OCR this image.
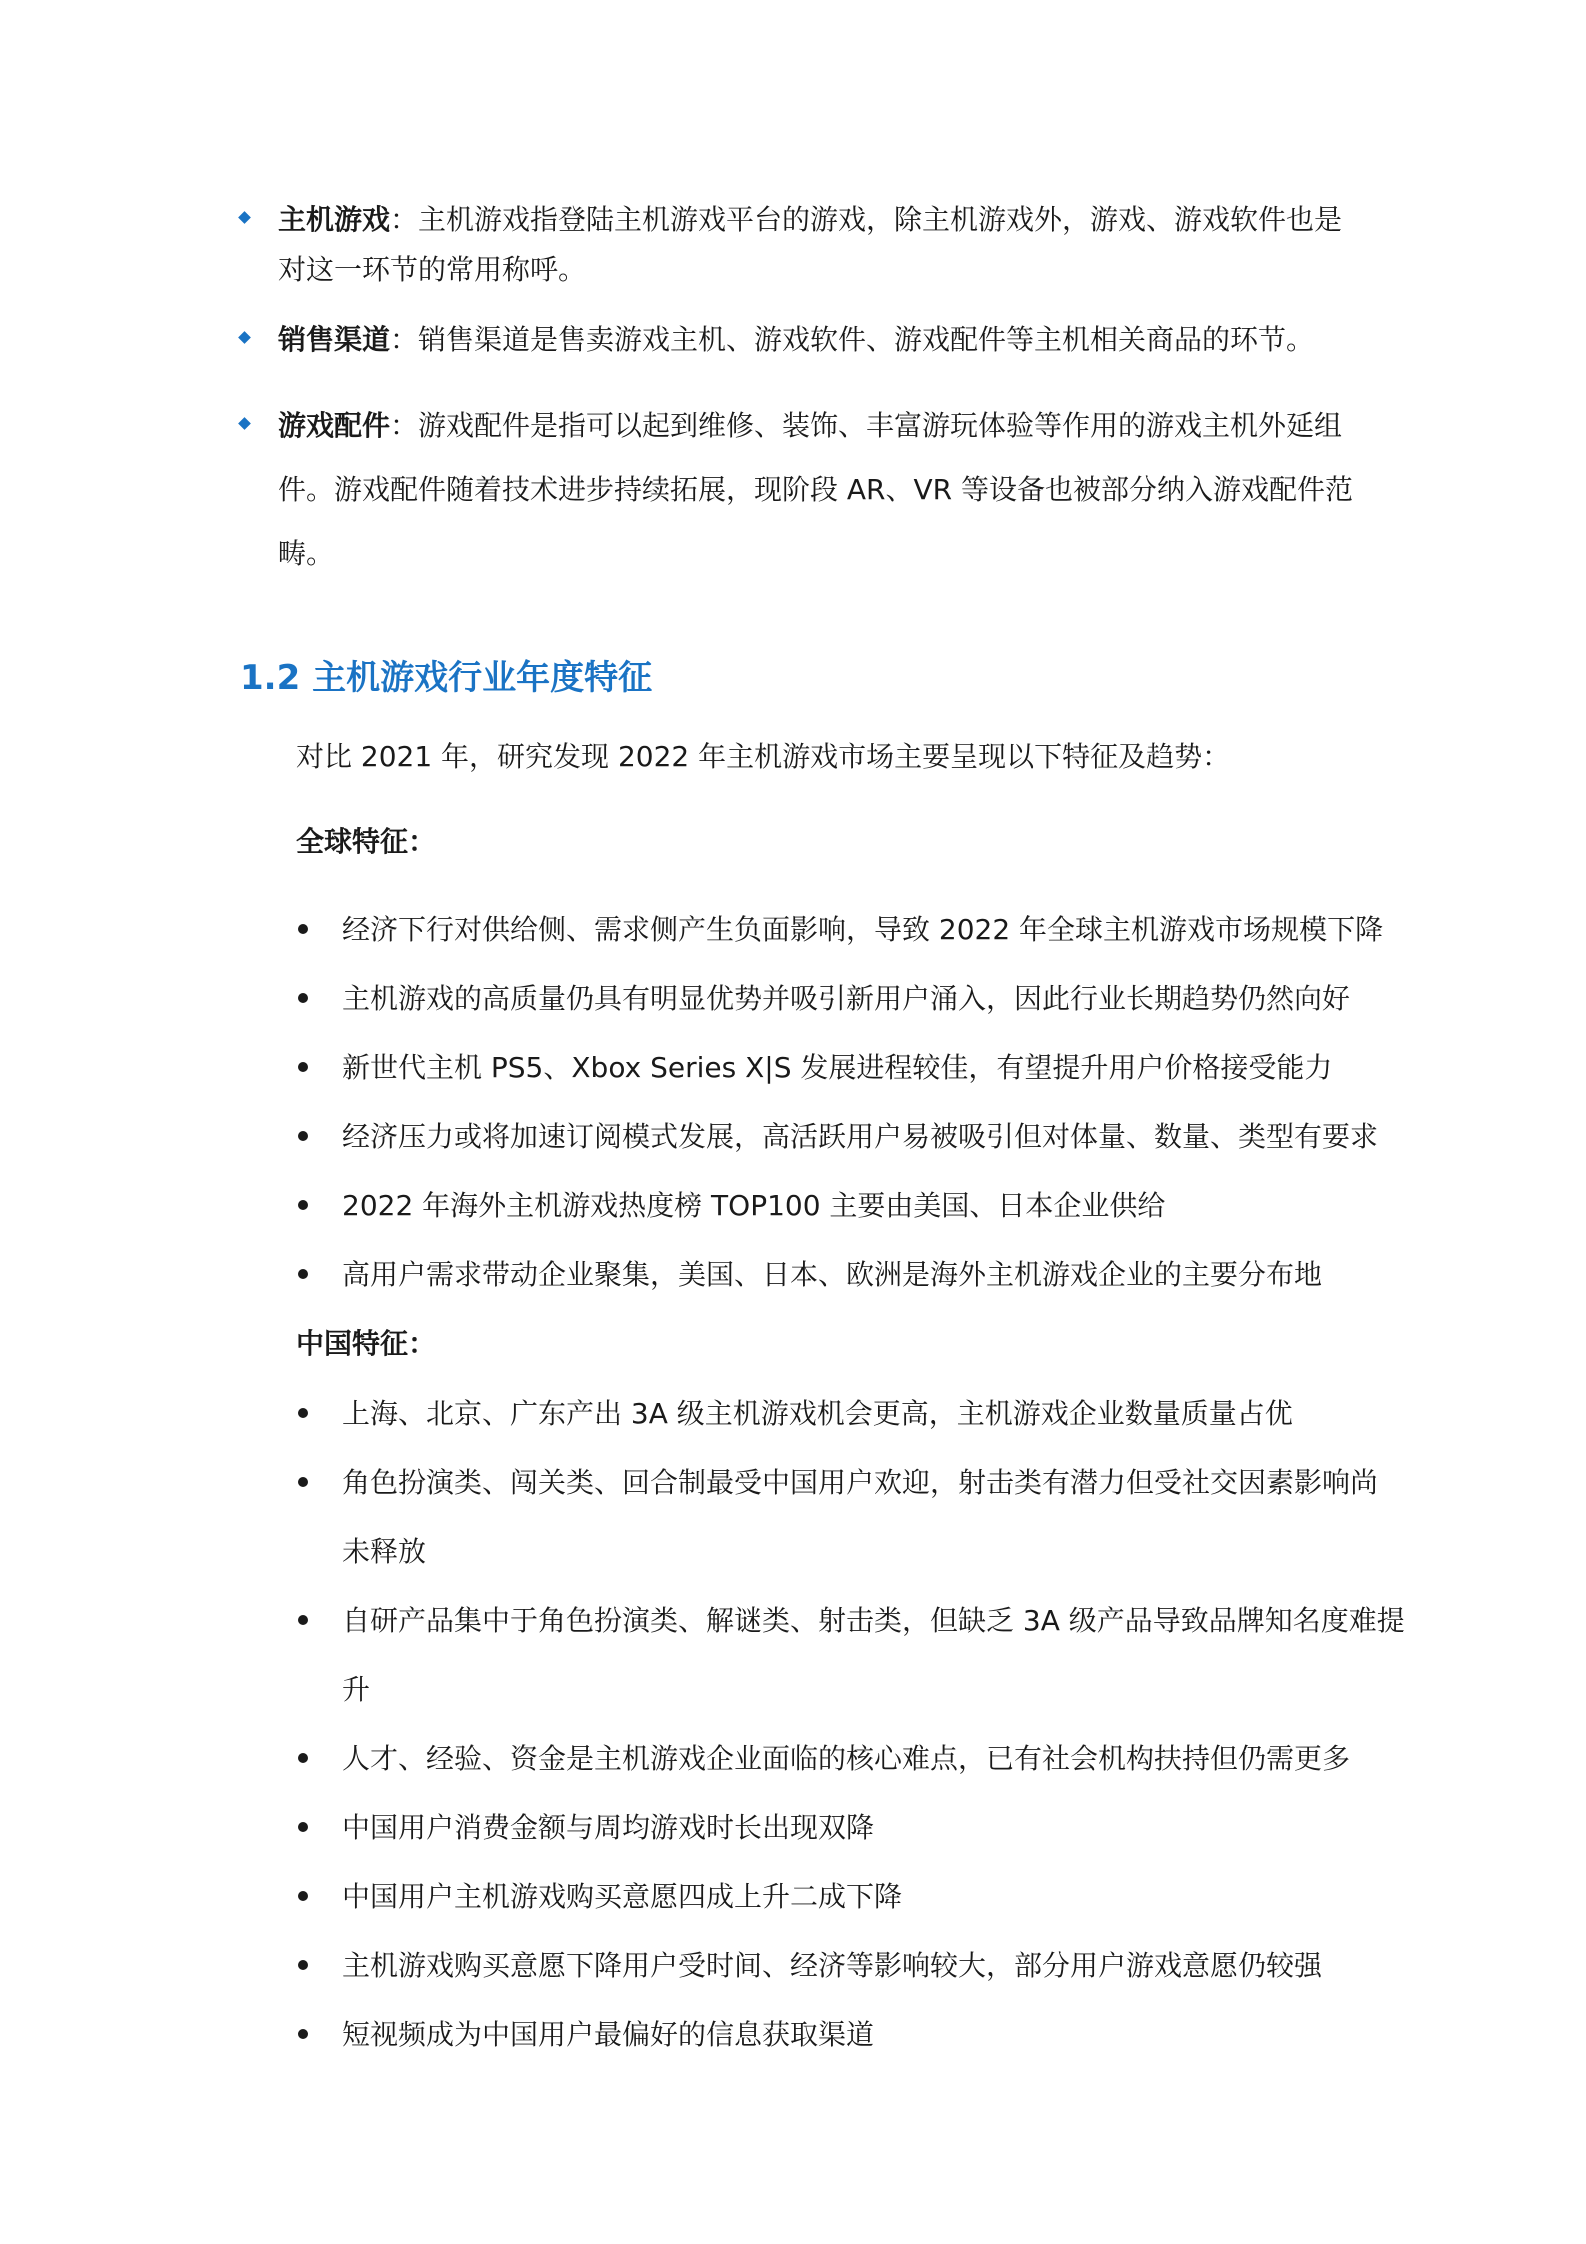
主机游戏：主机游戏指登陆主机游戏平台的游戏，除主机游戏外，游戏、游戏软件也是
对这一环节的常用称呼。
销售渠道：销售渠道是售卖游戏主机、游戏软件、游戏配件等主机相关商品的环节。
游戏配件：游戏配件是指可以起到维修、装饰、丰富游玩体验等作用的游戏主机外延组
件。游戏配件随着技术进步持续拓展，现阶段 AR、VR 等设备也被部分纳入游戏配件范
畴。
1.2 主机游戏行业年度特征
对比 2021 年，研究发现 2022 年主机游戏市场主要呈现以下特征及趋势：
全球特征：
经济下行对供给侧、需求侧产生负面影响，导致 2022 年全球主机游戏市场规模下降
主机游戏的高质量仍具有明显优势并吸引新用户涌入，因此行业长期趋势仍然向好
新世代主机 PS5、Xbox Series X|S 发展进程较佳，有望提升用户价格接受能力
经济压力或将加速订阅模式发展，高活跃用户易被吸引但对体量、数量、类型有要求
2022 年海外主机游戏热度榜 TOP100 主要由美国、日本企业供给
高用户需求带动企业聚集，美国、日本、欧洲是海外主机游戏企业的主要分布地
中国特征：
上海、北京、广东产出 3A 级主机游戏机会更高，主机游戏企业数量质量占优
角色扮演类、闯关类、回合制最受中国用户欢迎，射击类有潜力但受社交因素影响尚
未释放
自研产品集中于角色扮演类、解谜类、射击类，但缺乏 3A 级产品导致品牌知名度难提
升
人才、经验、资金是主机游戏企业面临的核心难点，已有社会机构扶持但仍需更多
中国用户消费金额与周均游戏时长出现双降
中国用户主机游戏购买意愿四成上升二成下降
主机游戏购买意愿下降用户受时间、经济等影响较大，部分用户游戏意愿仍较强
短视频成为中国用户最偏好的信息获取渠道
